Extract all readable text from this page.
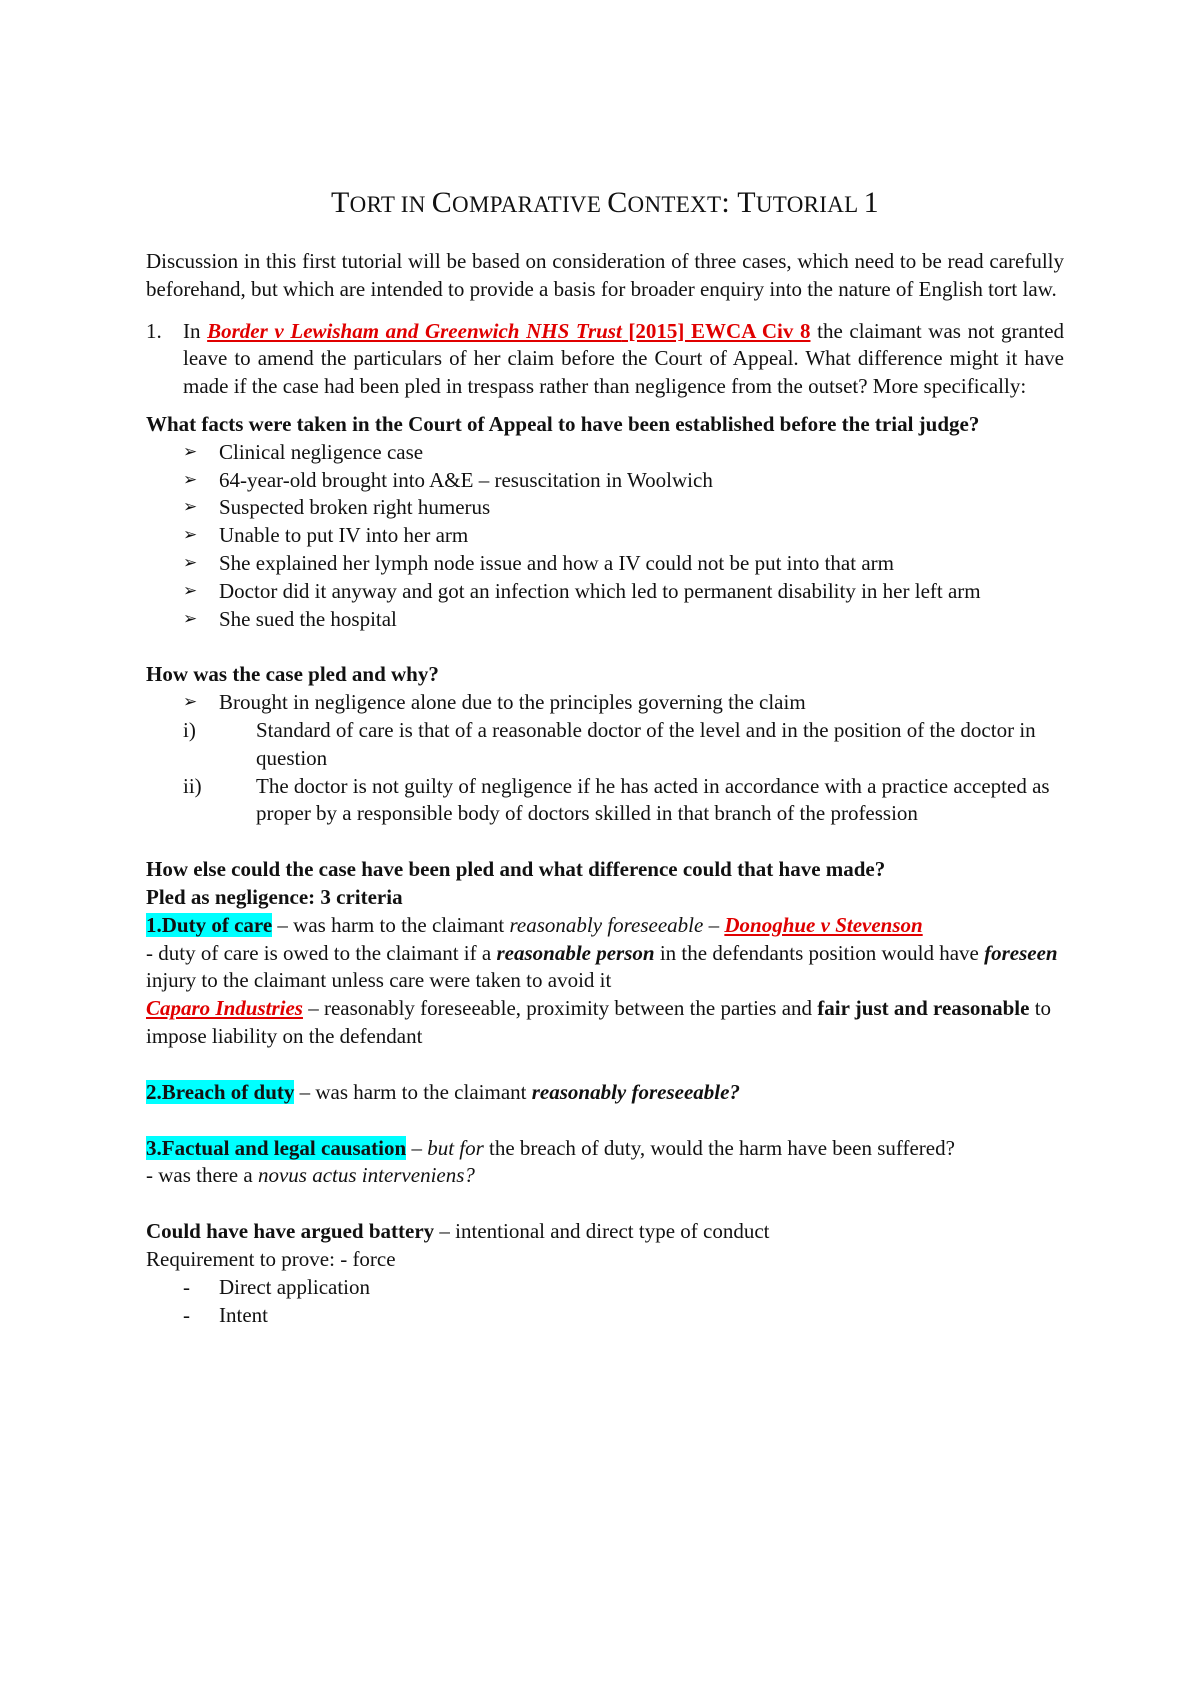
TORT IN COMPARATIVE CONTEXT: TUTORIAL 1

Discussion in this first tutorial will be based on consideration of three cases, which need to be read carefully beforehand, but which are intended to provide a basis for broader enquiry into the nature of English tort law.

1. In Border v Lewisham and Greenwich NHS Trust [2015] EWCA Civ 8 the claimant was not granted leave to amend the particulars of her claim before the Court of Appeal. What difference might it have made if the case had been pled in trespass rather than negligence from the outset? More specifically:

What facts were taken in the Court of Appeal to have been established before the trial judge?

➢ Clinical negligence case
➢ 64-year-old brought into A&E – resuscitation in Woolwich
➢ Suspected broken right humerus
➢ Unable to put IV into her arm
➢ She explained her lymph node issue and how a IV could not be put into that arm
➢ Doctor did it anyway and got an infection which led to permanent disability in her left arm
➢ She sued the hospital

How was the case pled and why?

➢ Brought in negligence alone due to the principles governing the claim
i)	Standard of care is that of a reasonable doctor of the level and in the position of the doctor in question
ii)	The doctor is not guilty of negligence if he has acted in accordance with a practice accepted as proper by a responsible body of doctors skilled in that branch of the profession

How else could the case have been pled and what difference could that have made?

Pled as negligence: 3 criteria

1.Duty of care – was harm to the claimant reasonably foreseeable – Donoghue v Stevenson

- duty of care is owed to the claimant if a reasonable person in the defendants position would have foreseen injury to the claimant unless care were taken to avoid it

Caparo Industries – reasonably foreseeable, proximity between the parties and fair just and reasonable to impose liability on the defendant

2.Breach of duty – was harm to the claimant reasonably foreseeable?

3.Factual and legal causation – but for the breach of duty, would the harm have been suffered?

- was there a novus actus interveniens?

Could have have argued battery – intentional and direct type of conduct

Requirement to prove: - force

- Direct application
- Intent
